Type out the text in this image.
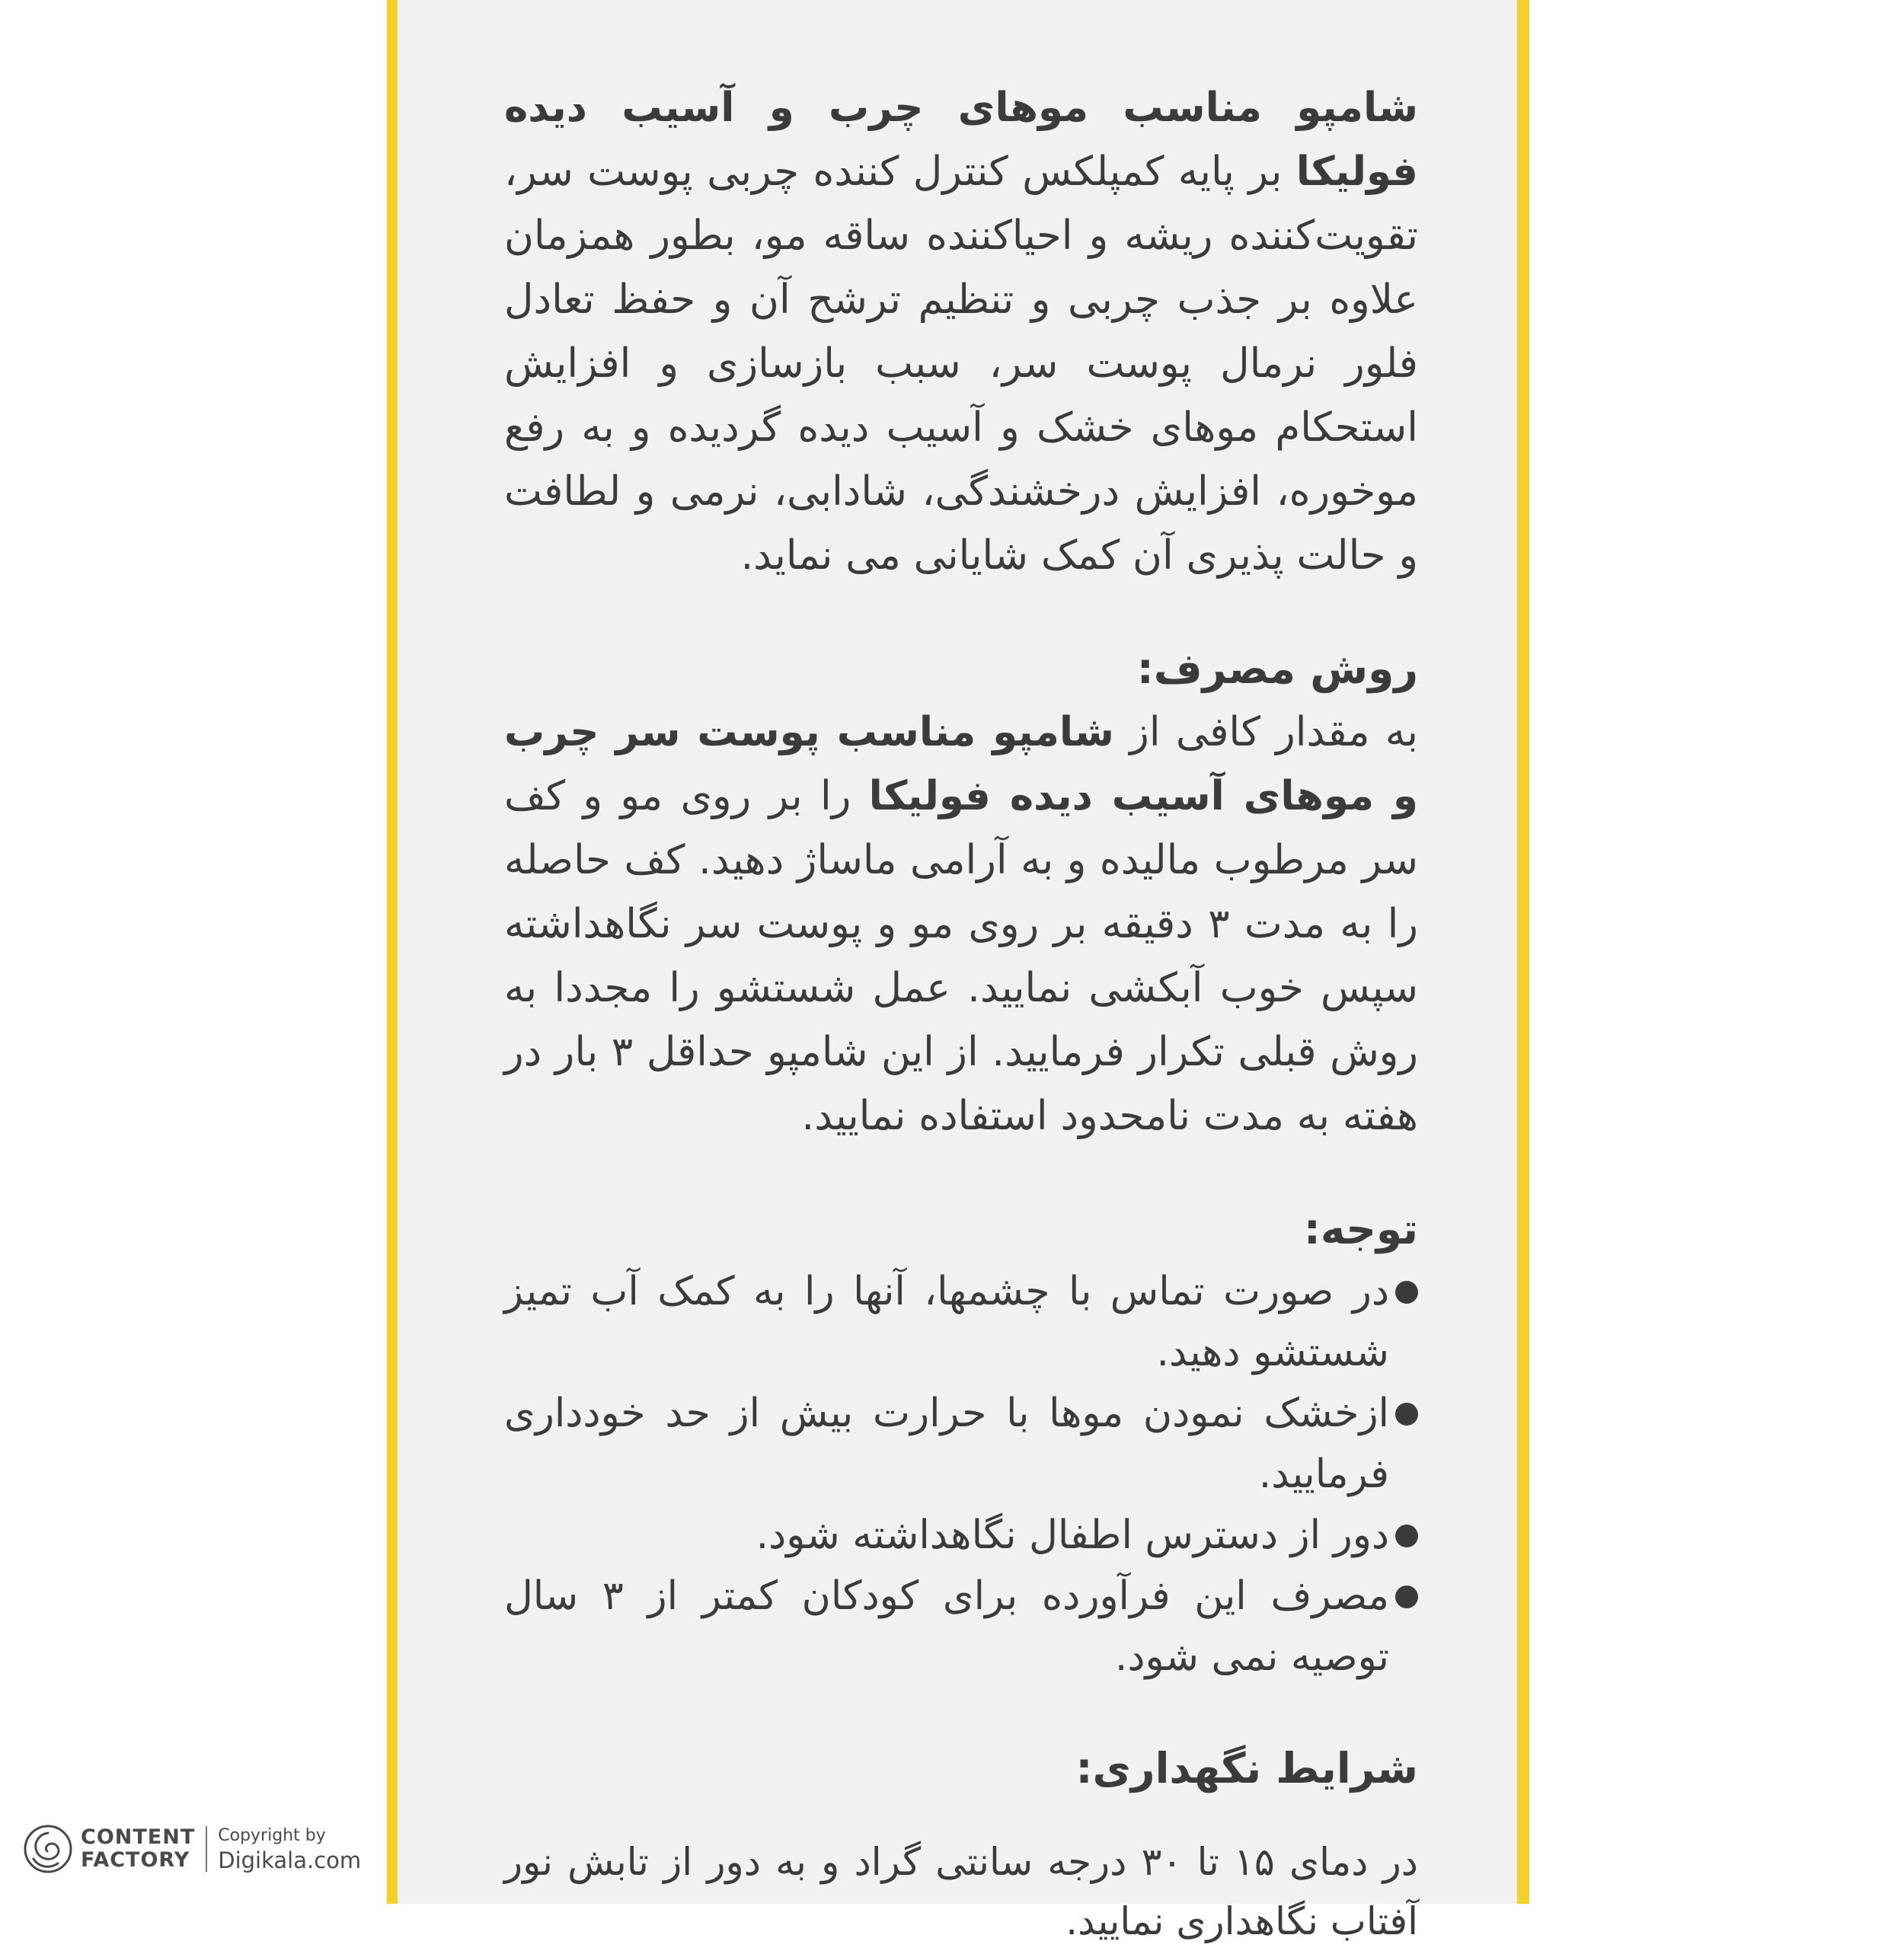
شامپو مناسب موهای چرب و آسیب دیده فولیکا بر پایه کمپلکس کنترل کننده چربی پوست سر، تقویت‌کننده ریشه و احیاکننده ساقه مو، بطور همزمان علاوه بر جذب چربی و تنظیم ترشح آن و حفظ تعادل فلور نرمال پوست سر، سبب بازسازی و افزایش استحکام موهای خشک و آسیب دیده گردیده و به رفع موخوره، افزایش درخشندگی، شادابی، نرمی و لطافت و حالت پذیری آن کمک شایانی می نماید.

روش مصرف:

به مقدار کافی از شامپو مناسب پوست سر چرب و موهای آسیب دیده فولیکا را بر روی مو و کف سر مرطوب مالیده و به آرامی ماساژ دهید. کف حاصله را به مدت ۳ دقیقه بر روی مو و پوست سر نگاهداشته سپس خوب آبکشی نمایید. عمل شستشو را مجددا به روش قبلی تکرار فرمایید. از این شامپو حداقل ۳ بار در هفته به مدت نامحدود استفاده نمایید.

توجه:

در صورت تماس با چشمها، آنها را به کمک آب تمیز شستشو دهید.

ازخشک نمودن موها با حرارت بیش از حد خودداری فرمایید.

دور از دسترس اطفال نگاهداشته شود.

مصرف این فرآورده برای کودکان کمتر از ۳ سال توصیه نمی شود.

شرایط نگهداری:

در دمای ۱۵ تا ۳۰ درجه سانتی گراد و به دور از تابش نور آفتاب نگاهداری نمایید.

CONTENT
FACTORY
Copyright by
Digikala.com
